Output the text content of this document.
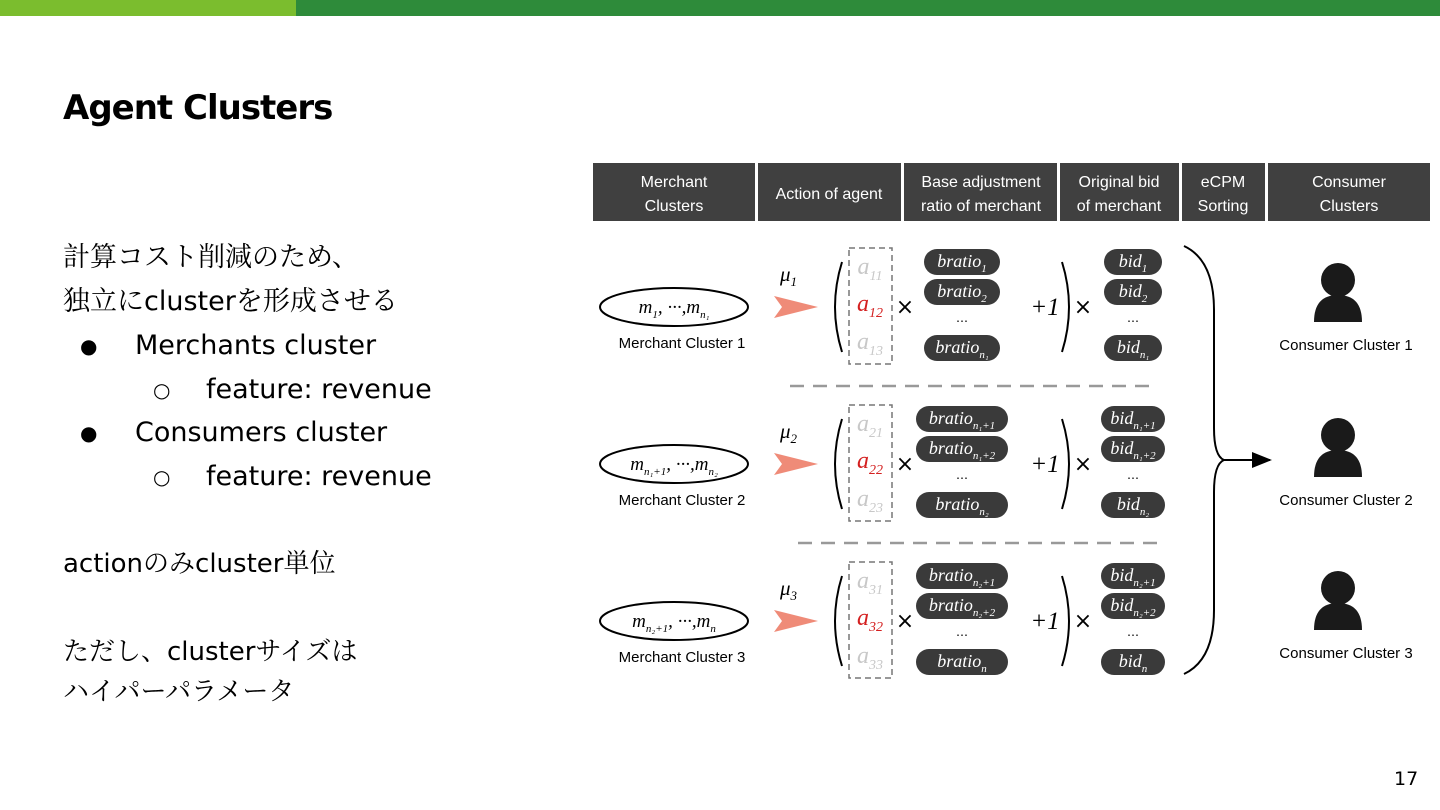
Agent Clusters
計算コスト削減のため、
独立にclusterを形成させる
● Merchants cluster
○ feature: revenue
● Consumers cluster
○ feature: revenue
actionのみcluster単位
ただし、clusterサイズは
ハイパーパラメータ
17
Merchant
Clusters
Action of agent
Base adjustment
ratio of merchant
Original bid
of merchant
eCPM
Sorting
Consumer
Clusters
$m_1$, $\cdot\cdot\cdot,m_{n_1}$
Merchant Cluster 1
$\mu_1$
$a_{11}$
$a_{12}$
$a_{13}$
×
bratio$_1$
bratio$_2$
…
bratio$_{n_1}$
+1 ×
bid$_1$
bid$_2$
…
bid$_{n_1}$
$m_{n_1+1}$, $\cdot\cdot\cdot,m_{n_2}$
Merchant Cluster 2
$\mu_2$
$a_{21}$
$a_{22}$
$a_{23}$
×
bratio$_{n_1+1}$
bratio$_{n_1+2}$
…
bratio$_{n_2}$
+1 ×
bid$_{n_1+1}$
bid$_{n_1+2}$
…
bid$_{n_2}$
$m_{n_2+1}$, $\cdot\cdot\cdot,m_n$
Merchant Cluster 3
$\mu_3$
$a_{31}$
$a_{32}$
$a_{33}$
×
bratio$_{n_2+1}$
bratio$_{n_2+2}$
…
bratio$_n$
+1 ×
bid$_{n_2+1}$
bid$_{n_2+2}$
…
bid$_n$
Consumer Cluster 1
Consumer Cluster 2
Consumer Cluster 3
